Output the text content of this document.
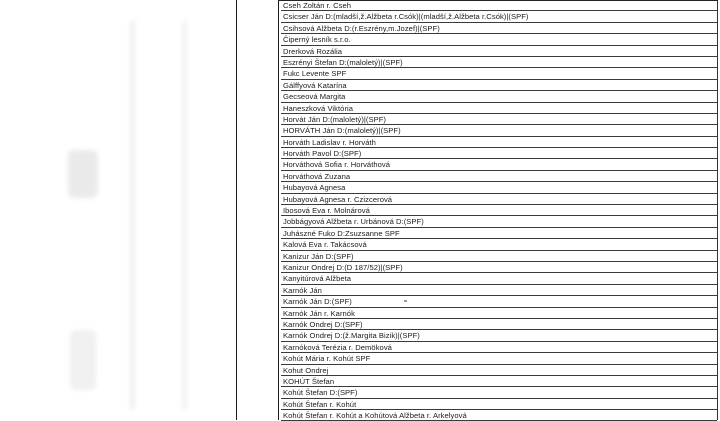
Cseh Zoltán r. Cseh
Csicser Ján D:(mladší,ž.Alžbeta r.Csók)|(mladší,ž.Alžbeta r.Csók)|(SPF)
Csihsová Alžbeta D:(r.Eszrény,m.Jozef)|(SPF)
Čiperný lesník s.r.o.
Drerková Rozália
Eszrényi Štefan D:(maloletý)|(SPF)
Fukc Levente SPF
Gálffyová Katarína
Gecseová Margita
Haneszková Viktória
Horvát Ján D:(maloletý)|(SPF)
HORVÁTH Ján D:(maloletý)|(SPF)
Horváth Ladislav r. Horváth
Horváth Pavol D:(SPF)
Horváthová Sofia r. Horváthová
Horváthová Zuzana
Hubayová Agnesa
Hubayová Agnesa r. Czizcerová
Ibosová Eva r. Molnárová
Jobbágyová Alžbeta r. Urbánová D:(SPF)
Juhászné Fuko D:Zsuzsanne SPF
Kalová Eva r. Takácsová
Kanizur Ján D:(SPF)
Kanizur Ondrej D:(D 187/52)|(SPF)
Kanyitúrová Alžbeta
Karnók Ján
Karnók Ján D:(SPF)
Karnók Ján r. Karnók
Karnók Ondrej D:(SPF)
Karnók Ondrej D:(ž.Margita Bizik)|(SPF)
Karnóková Terézia r. Demöková
Kohút Mária r. Kohút SPF
Kohut Ondrej
KOHÚT Štefan
Kohút Štefan D:(SPF)
Kohút Štefan r. Kohút
Kohút Štefan r. Kohút a Kohútová Alžbeta r. Arkelyová
